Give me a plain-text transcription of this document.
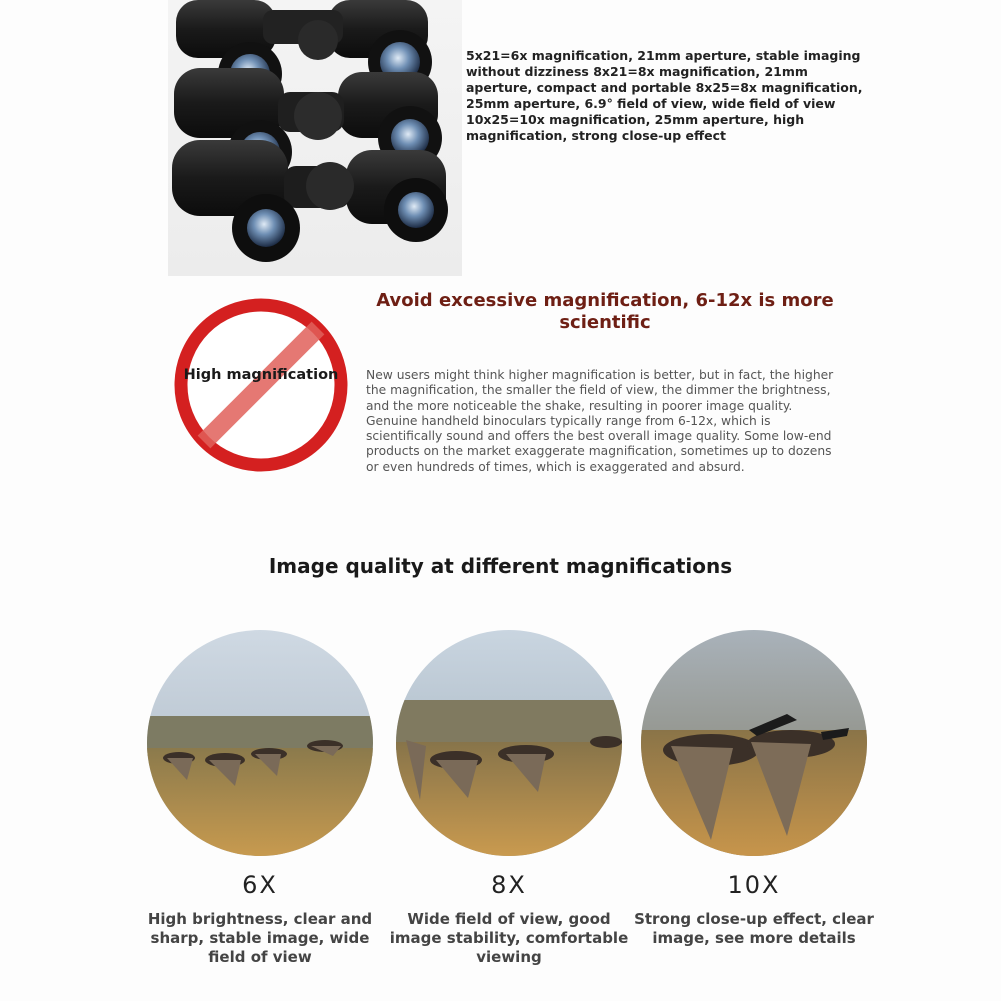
5x21=6x magnification, 21mm aperture, stable imaging without dizziness 8x21=8x magnification, 21mm aperture, compact and portable 8x25=8x magnification, 25mm aperture, 6.9° field of view, wide field of view 10x25=10x magnification, 25mm aperture, high magnification, strong close-up effect

High magnification
Avoid excessive magnification, 6-12x is more scientific

New users might think higher magnification is better, but in fact, the higher the magnification, the smaller the field of view, the dimmer the brightness, and the more noticeable the shake, resulting in poorer image quality. Genuine handheld binoculars typically range from 6-12x, which is scientifically sound and offers the best overall image quality. Some low-end products on the market exaggerate magnification, sometimes up to dozens or even hundreds of times, which is exaggerated and absurd.

Image quality at different magnifications
6X
High brightness, clear and sharp, stable image, wide field of view
8X
Wide field of view, good image stability, comfortable viewing
10X
Strong close-up effect, clear image, see more details
